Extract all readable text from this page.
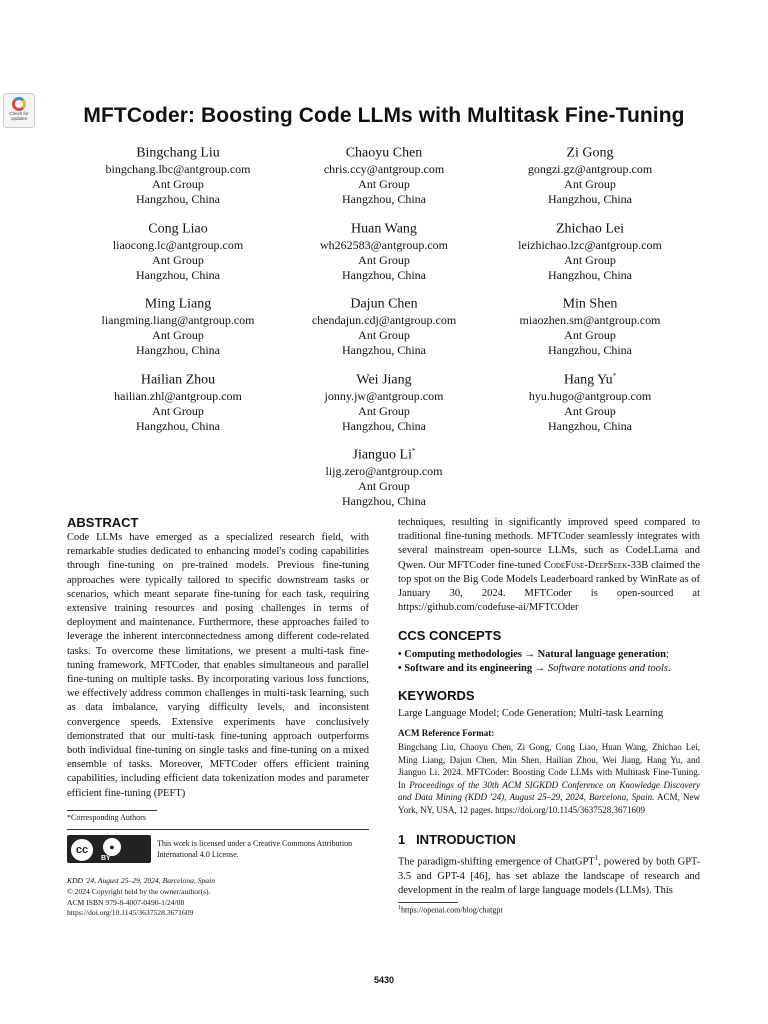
Check for updates	MFTCoder: Boosting Code LLMs with Multitask Fine-Tuning
Bingchang Liu
bingchang.lbc@antgroup.com
Ant Group
Hangzhou, China
Chaoyu Chen
chris.ccy@antgroup.com
Ant Group
Hangzhou, China
Zi Gong
gongzi.gz@antgroup.com
Ant Group
Hangzhou, China
Cong Liao
liaocong.lc@antgroup.com
Ant Group
Hangzhou, China
Huan Wang
wh262583@antgroup.com
Ant Group
Hangzhou, China
Zhichao Lei
leizhichao.lzc@antgroup.com
Ant Group
Hangzhou, China
Ming Liang
liangming.liang@antgroup.com
Ant Group
Hangzhou, China
Dajun Chen
chendajun.cdj@antgroup.com
Ant Group
Hangzhou, China
Min Shen
miaozhen.sm@antgroup.com
Ant Group
Hangzhou, China
Hailian Zhou
hailian.zhl@antgroup.com
Ant Group
Hangzhou, China
Wei Jiang
jonny.jw@antgroup.com
Ant Group
Hangzhou, China
Hang Yu*
hyu.hugo@antgroup.com
Ant Group
Hangzhou, China
Jianguo Li*
lijg.zero@antgroup.com
Ant Group
Hangzhou, China
ABSTRACT
Code LLMs have emerged as a specialized research field, with remarkable studies dedicated to enhancing model's coding capabilities through fine-tuning on pre-trained models. Previous fine-tuning approaches were typically tailored to specific downstream tasks or scenarios, which meant separate fine-tuning for each task, requiring extensive training resources and posing challenges in terms of deployment and maintenance. Furthermore, these approaches failed to leverage the inherent interconnectedness among different code-related tasks. To overcome these limitations, we present a multi-task fine-tuning framework, MFTCoder, that enables simultaneous and parallel fine-tuning on multiple tasks. By incorporating various loss functions, we effectively address common challenges in multi-task learning, such as data imbalance, varying difficulty levels, and inconsistent convergence speeds. Extensive experiments have conclusively demonstrated that our multi-task fine-tuning approach outperforms both individual fine-tuning on single tasks and fine-tuning on a mixed ensemble of tasks. Moreover, MFTCoder offers efficient training capabilities, including efficient data tokenization modes and parameter efficient fine-tuning (PEFT)
*Corresponding Authors
cc	●
BY
This work is licensed under a Creative Commons Attribution International 4.0 License.
KDD '24, August 25–29, 2024, Barcelona, Spain
© 2024 Copyright held by the owner/author(s).
ACM ISBN 979-8-4007-0490-1/24/08
https://doi.org/10.1145/3637528.3671609
techniques, resulting in significantly improved speed compared to traditional fine-tuning methods. MFTCoder seamlessly integrates with several mainstream open-source LLMs, such as CodeLLama and Qwen. Our MFTCoder fine-tuned CodeFuse-DeepSeek-33B claimed the top spot on the Big Code Models Leaderboard ranked by WinRate as of January 30, 2024. MFTCoder is open-sourced at https://github.com/codefuse-ai/MFTCOder
CCS CONCEPTS
• Computing methodologies → Natural language generation;
• Software and its engineering → Software notations and tools.
KEYWORDS
Large Language Model; Code Generation; Multi-task Learning
ACM Reference Format:
Bingchang Liu, Chaoyu Chen, Zi Gong, Cong Liao, Huan Wang, Zhichao Lei, Ming Liang, Dajun Chen, Min Shen, Hailian Zhou, Wei Jiang, Hang Yu, and Jianguo Li. 2024. MFTCoder: Boosting Code LLMs with Multitask Fine-Tuning. In Proceedings of the 30th ACM SIGKDD Conference on Knowledge Discovery and Data Mining (KDD '24), August 25–29, 2024, Barcelona, Spain. ACM, New York, NY, USA, 12 pages. https://doi.org/10.1145/3637528.3671609
1   INTRODUCTION
The paradigm-shifting emergence of ChatGPT$^1$, powered by both GPT-3.5 and GPT-4 [46], has set ablaze the landscape of research and development in the realm of large language models (LLMs). This
$^1$https://openai.com/blog/chatgpt
5430
